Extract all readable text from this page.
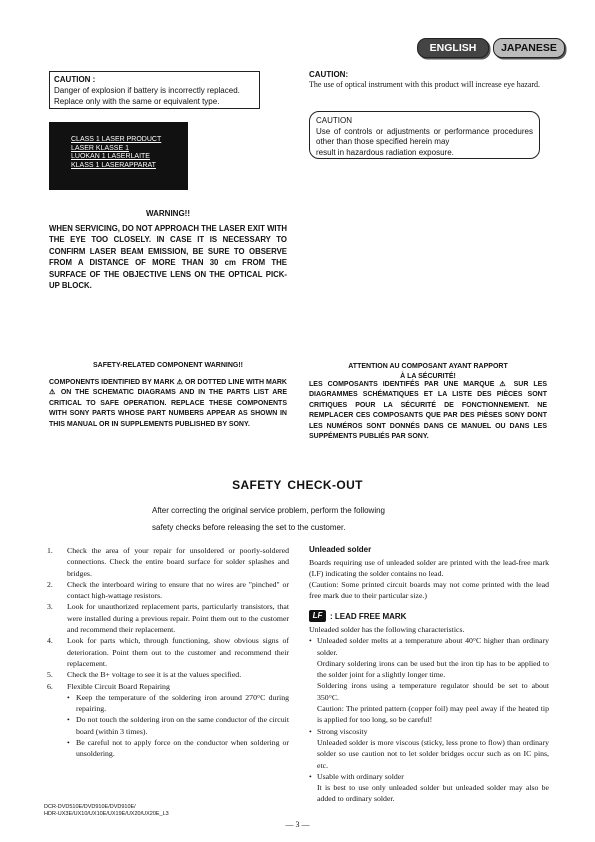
ENGLISH	JAPANESE
CAUTION :
Danger of explosion if battery is incorrectly replaced.
Replace only with the same or equivalent type.
CLASS 1 LASER PRODUCT
LASER KLASSE 1
LUOKAN 1 LASERLAITE
KLASS 1 LASERAPPARAT
CAUTION:
The use of optical instrument with this product will increase eye hazard.
CAUTION
Use of controls or adjustments or performance procedures other than those specified herein may
result in hazardous radiation exposure.
WARNING!!
WHEN SERVICING, DO NOT APPROACH THE LASER EXIT WITH THE EYE TOO CLOSELY. IN CASE IT IS NECESSARY TO CONFIRM LASER BEAM EMISSION, BE SURE TO OBSERVE FROM A DISTANCE OF MORE THAN 30 cm FROM THE SURFACE OF THE OBJECTIVE LENS ON THE OPTICAL PICK-UP BLOCK.
SAFETY-RELATED COMPONENT WARNING!!
COMPONENTS IDENTIFIED BY MARK ⚠ OR DOTTED LINE WITH MARK ⚠ ON THE SCHEMATIC DIAGRAMS AND IN THE PARTS LIST ARE CRITICAL TO SAFE OPERATION. REPLACE THESE COMPONENTS WITH SONY PARTS WHOSE PART NUMBERS APPEAR AS SHOWN IN THIS MANUAL OR IN SUPPLEMENTS PUBLISHED BY SONY.
ATTENTION AU COMPOSANT AYANT RAPPORT
À LA SÉCURITÉ!
LES COMPOSANTS IDENTIFÉS PAR UNE MARQUE ⚠ SUR LES DIAGRAMMES SCHÉMATIQUES ET LA LISTE DES PIÈCES SONT CRITIQUES POUR LA SÉCURITÉ DE FONCTIONNEMENT. NE REMPLACER CES COMPOSANTS QUE PAR DES PIÈSES SONY DONT LES NUMÉROS SONT DONNÉS DANS CE MANUEL OU DANS LES SUPPÉMENTS PUBLIÉS PAR SONY.
SAFETY CHECK-OUT
After correcting the original service problem, perform the following
safety checks before releasing the set to the customer.
1. Check the area of your repair for unsoldered or poorly-soldered connections. Check the entire board surface for solder splashes and bridges.
2. Check the interboard wiring to ensure that no wires are "pinched" or contact high-wattage resistors.
3. Look for unauthorized replacement parts, particularly transistors, that were installed during a previous repair. Point them out to the customer and recommend their replacement.
4. Look for parts which, through functioning, show obvious signs of deterioration. Point them out to the customer and recommend their replacement.
5. Check the B+ voltage to see it is at the values specified.
6. Flexible Circuit Board Repairing
• Keep the temperature of the soldering iron around 270°C during repairing.
• Do not touch the soldering iron on the same conductor of the circuit board (within 3 times).
• Be careful not to apply force on the conductor when soldering or unsoldering.
Unleaded solder
Boards requiring use of unleaded solder are printed with the lead-free mark (LF) indicating the solder contains no lead.
(Caution: Some printed circuit boards may not come printed with the lead free mark due to their particular size.)
LF : LEAD FREE MARK
Unleaded solder has the following characteristics.
• Unleaded solder melts at a temperature about 40°C higher than ordinary solder.
Ordinary soldering irons can be used but the iron tip has to be applied to the solder joint for a slightly longer time.
Soldering irons using a temperature regulator should be set to about 350°C.
Caution: The printed pattern (copper foil) may peel away if the heated tip is applied for too long, so be careful!
• Strong viscosity
Unleaded solder is more viscous (sticky, less prone to flow) than ordinary solder so use caution not to let solder bridges occur such as on IC pins, etc.
• Usable with ordinary solder
It is best to use only unleaded solder but unleaded solder may also be added to ordinary solder.
DCR-DVD510E/DVD910E/DVD910E/
HDR-UX3E/UX10/UX10E/UX19E/UX20/UX20E_L3
— 3 —
